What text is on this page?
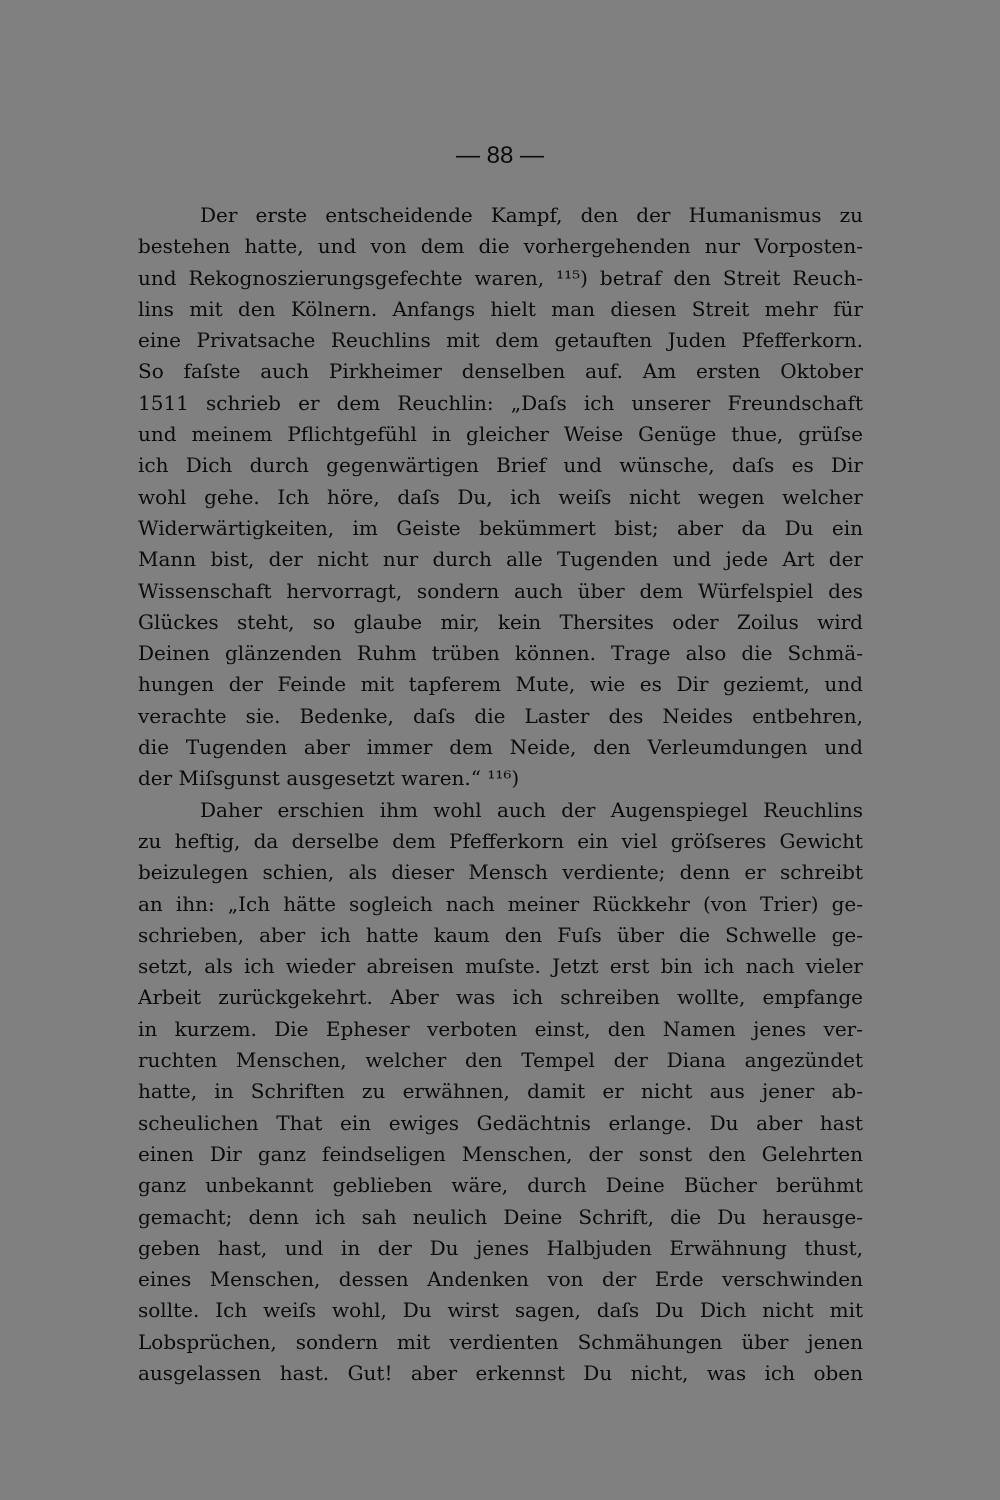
— 88 —
Der erste entscheidende Kampf, den der Humanismus zu
bestehen hatte, und von dem die vorhergehenden nur Vorposten-
und Rekognoszierungsgefechte waren, ¹¹⁵) betraf den Streit Reuch-
lins mit den Kölnern. Anfangs hielt man diesen Streit mehr für
eine Privatsache Reuchlins mit dem getauften Juden Pfefferkorn.
So faſste auch Pirkheimer denselben auf. Am ersten Oktober
1511 schrieb er dem Reuchlin: „Daſs ich unserer Freundschaft
und meinem Pflichtgefühl in gleicher Weise Genüge thue, grüſse
ich Dich durch gegenwärtigen Brief und wünsche, daſs es Dir
wohl gehe. Ich höre, daſs Du, ich weiſs nicht wegen welcher
Widerwärtigkeiten, im Geiste bekümmert bist; aber da Du ein
Mann bist, der nicht nur durch alle Tugenden und jede Art der
Wissenschaft hervorragt, sondern auch über dem Würfelspiel des
Glückes steht, so glaube mir, kein Thersites oder Zoilus wird
Deinen glänzenden Ruhm trüben können. Trage also die Schmä-
hungen der Feinde mit tapferem Mute, wie es Dir geziemt, und
verachte sie. Bedenke, daſs die Laster des Neides entbehren,
die Tugenden aber immer dem Neide, den Verleumdungen und
der Miſsgunst ausgesetzt waren.“ ¹¹⁶)
Daher erschien ihm wohl auch der Augenspiegel Reuchlins
zu heftig, da derselbe dem Pfefferkorn ein viel gröſseres Gewicht
beizulegen schien, als dieser Mensch verdiente; denn er schreibt
an ihn: „Ich hätte sogleich nach meiner Rückkehr (von Trier) ge-
schrieben, aber ich hatte kaum den Fuſs über die Schwelle ge-
setzt, als ich wieder abreisen muſste. Jetzt erst bin ich nach vieler
Arbeit zurückgekehrt. Aber was ich schreiben wollte, empfange
in kurzem. Die Epheser verboten einst, den Namen jenes ver-
ruchten Menschen, welcher den Tempel der Diana angezündet
hatte, in Schriften zu erwähnen, damit er nicht aus jener ab-
scheulichen That ein ewiges Gedächtnis erlange. Du aber hast
einen Dir ganz feindseligen Menschen, der sonst den Gelehrten
ganz unbekannt geblieben wäre, durch Deine Bücher berühmt
gemacht; denn ich sah neulich Deine Schrift, die Du herausge-
geben hast, und in der Du jenes Halbjuden Erwähnung thust,
eines Menschen, dessen Andenken von der Erde verschwinden
sollte. Ich weiſs wohl, Du wirst sagen, daſs Du Dich nicht mit
Lobsprüchen, sondern mit verdienten Schmähungen über jenen
ausgelassen hast. Gut! aber erkennst Du nicht, was ich oben
